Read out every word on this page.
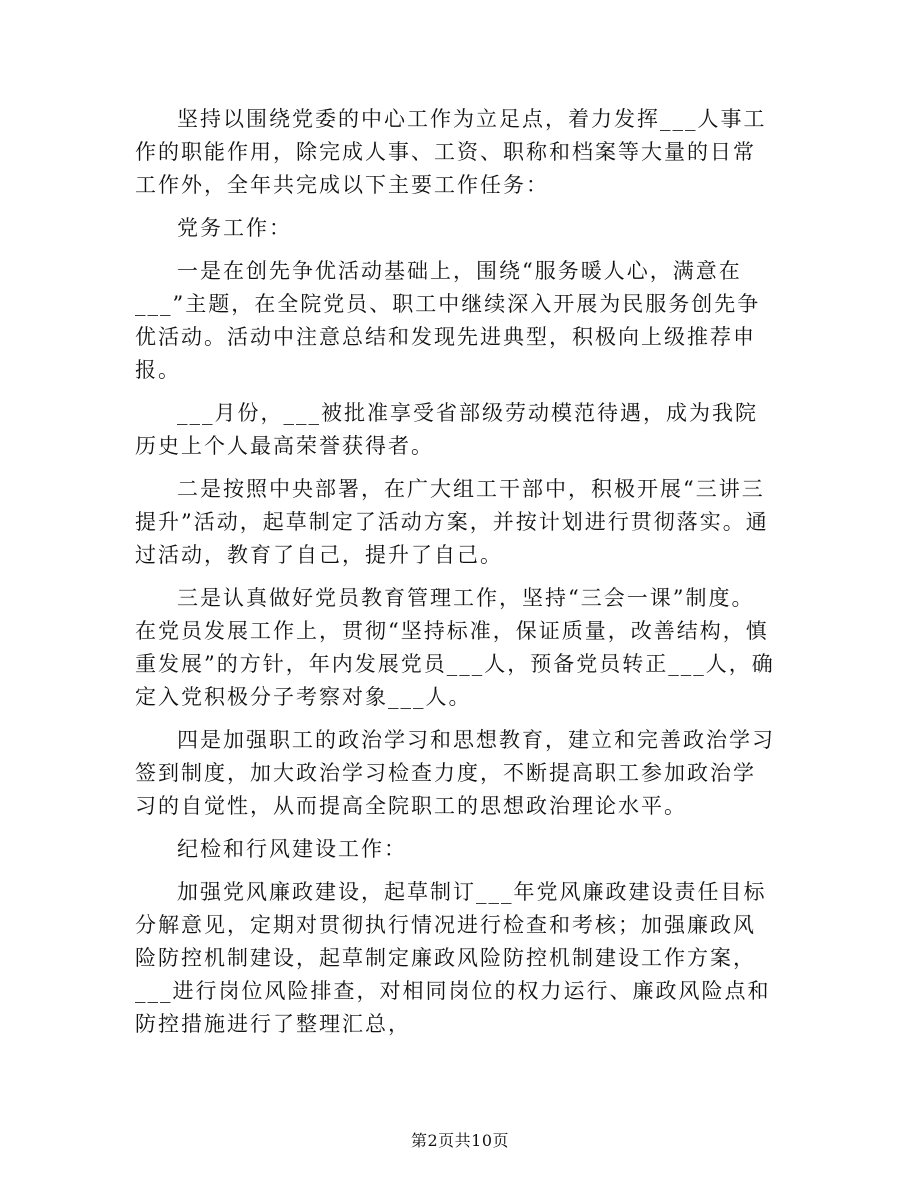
坚持以围绕党委的中心工作为立足点，着力发挥___人事工作的职能作用，除完成人事、工资、职称和档案等大量的日常工作外，全年共完成以下主要工作任务：

党务工作：

一是在创先争优活动基础上，围绕“服务暖人心，满意在___”主题，在全院党员、职工中继续深入开展为民服务创先争优活动。活动中注意总结和发现先进典型，积极向上级推荐申报。

___月份，___被批准享受省部级劳动模范待遇，成为我院历史上个人最高荣誉获得者。

二是按照中央部署，在广大组工干部中，积极开展“三讲三提升”活动，起草制定了活动方案，并按计划进行贯彻落实。通过活动，教育了自己，提升了自己。

三是认真做好党员教育管理工作，坚持“三会一课”制度。在党员发展工作上，贯彻“坚持标准，保证质量，改善结构，慎重发展”的方针，年内发展党员___人，预备党员转正___人，确定入党积极分子考察对象___人。

四是加强职工的政治学习和思想教育，建立和完善政治学习签到制度，加大政治学习检查力度，不断提高职工参加政治学习的自觉性，从而提高全院职工的思想政治理论水平。

纪检和行风建设工作：

加强党风廉政建设，起草制订___年党风廉政建设责任目标分解意见，定期对贯彻执行情况进行检查和考核；加强廉政风险防控机制建设，起草制定廉政风险防控机制建设工作方案，___进行岗位风险排查，对相同岗位的权力运行、廉政风险点和防控措施进行了整理汇总，

第2页共10页
